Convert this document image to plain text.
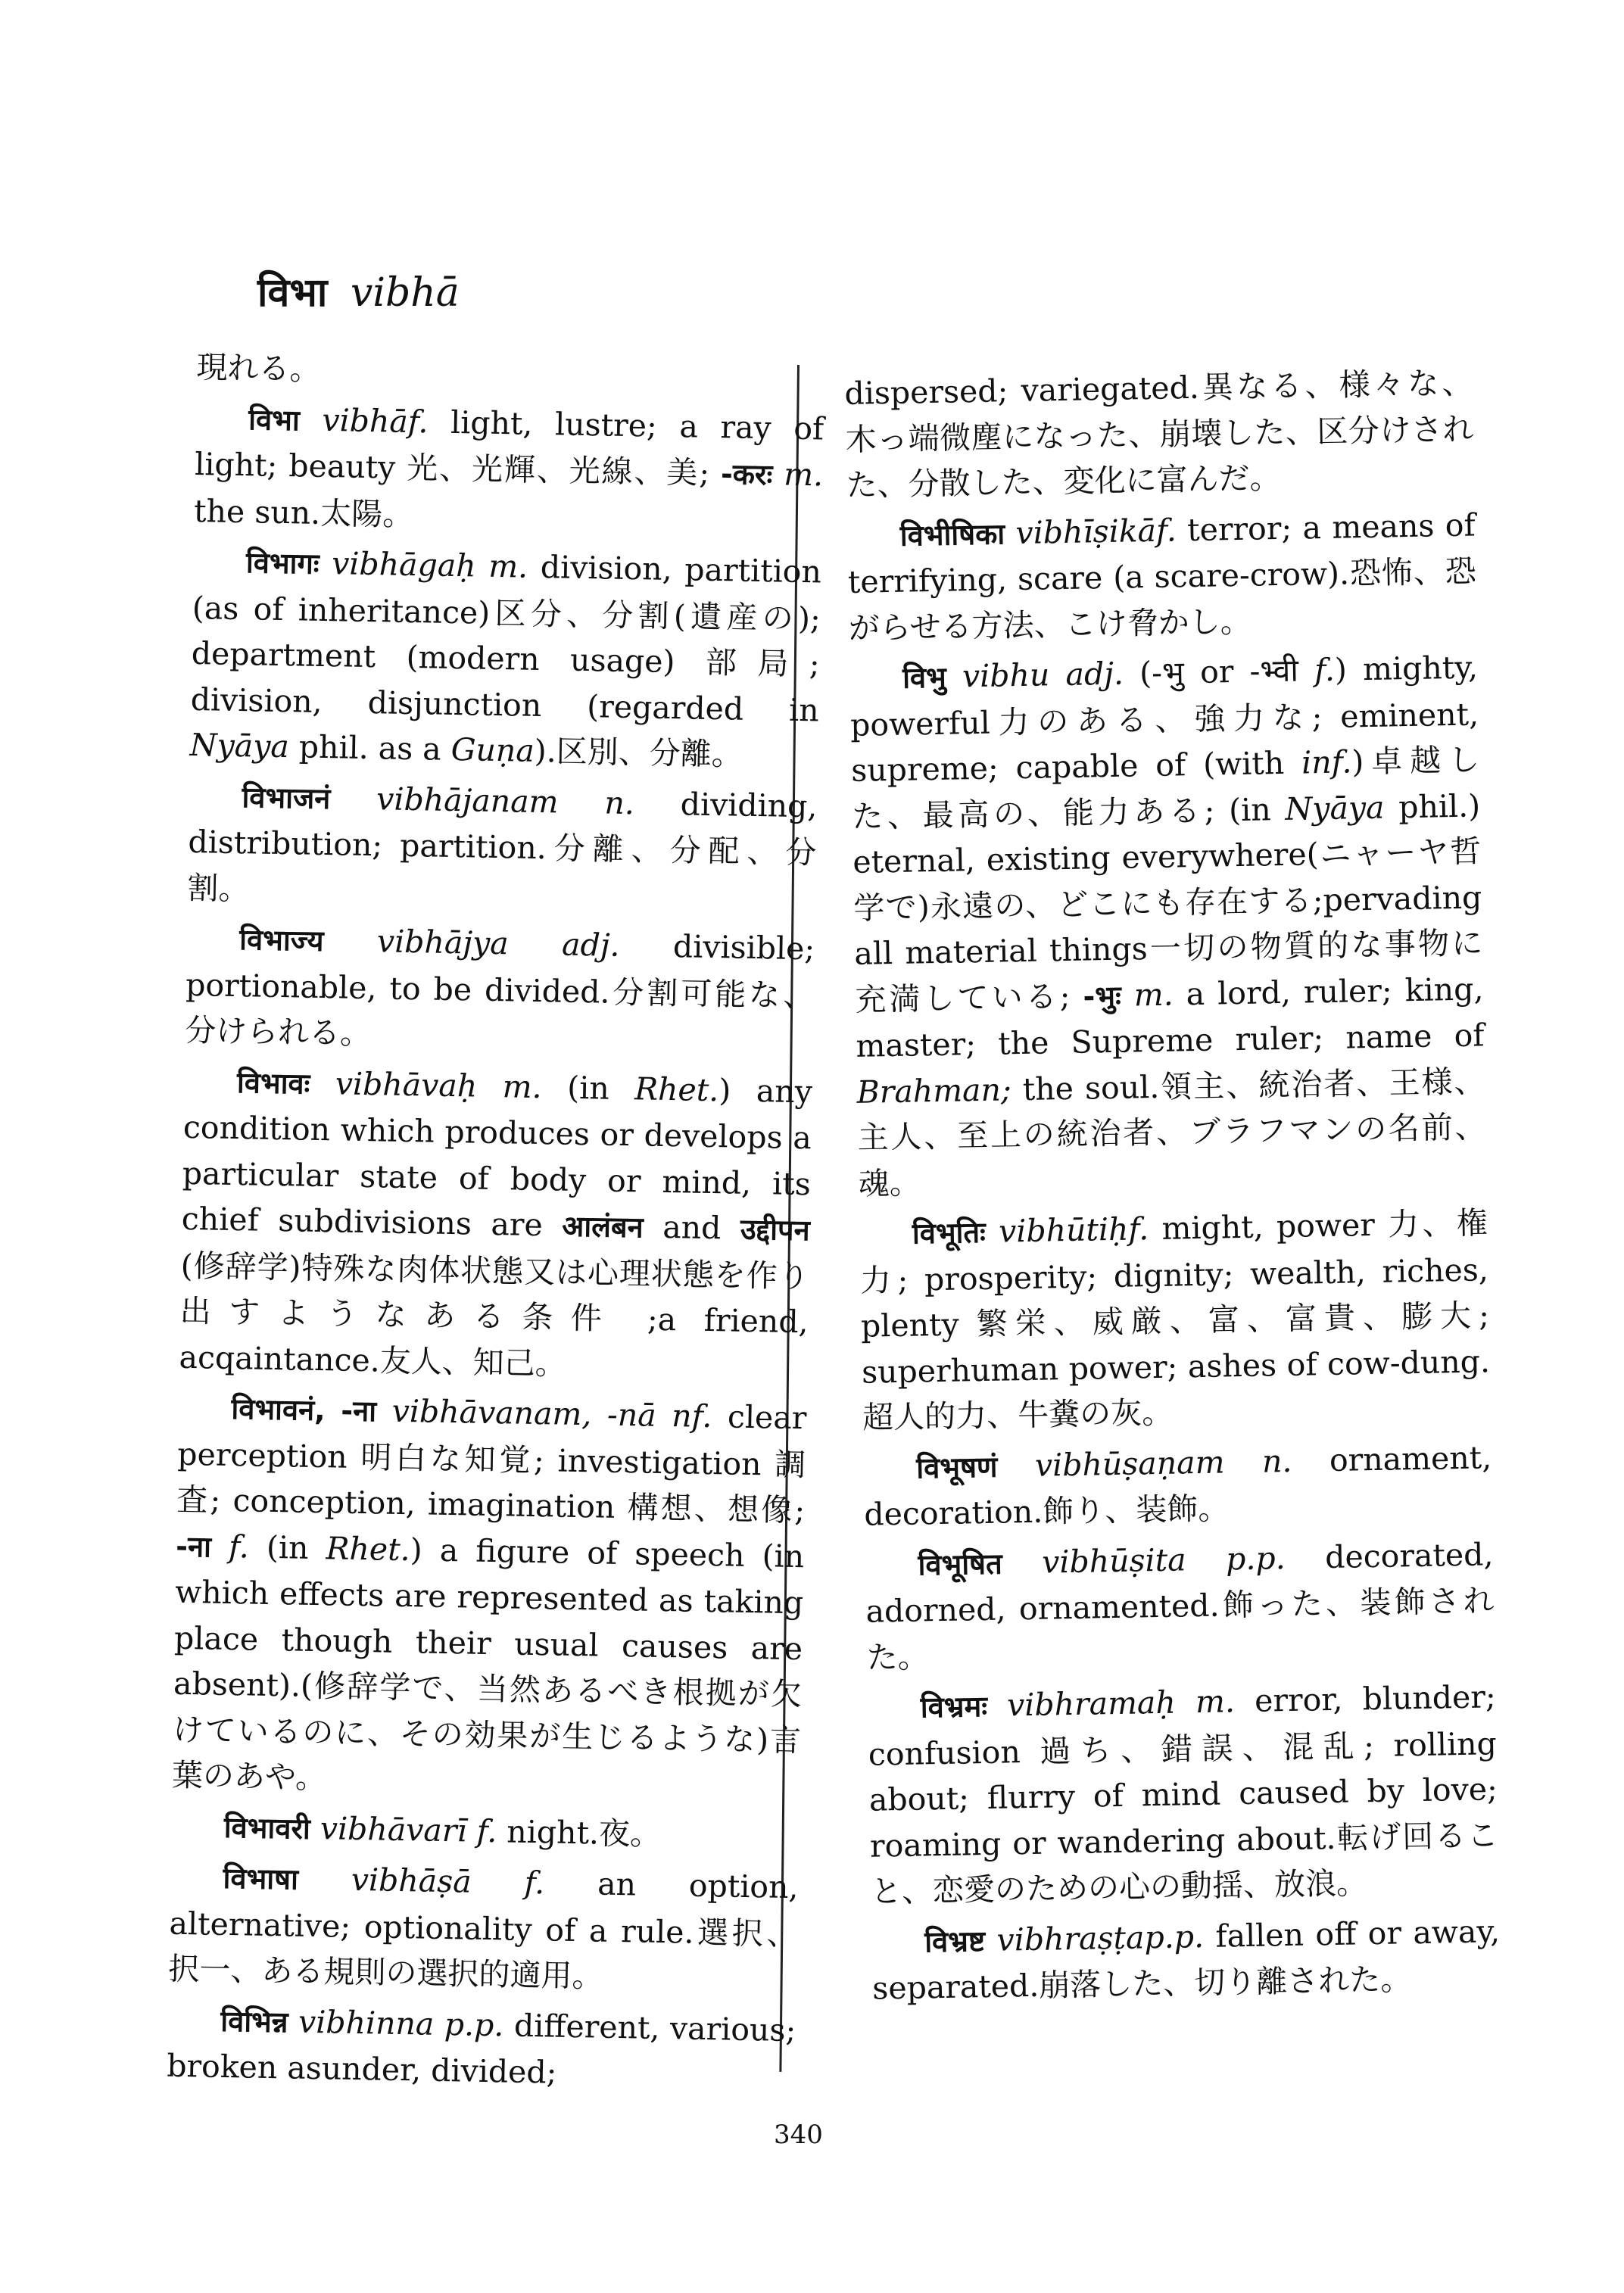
विभा vibhā

現れる。

विभा vibhāf. light, lustre; a ray of light; beauty 光、光輝、光線、美; -करः m. the sun.太陽。

विभागः vibhāgaḥ m. division, partition (as of inheritance)区分、分割(遺産の); department (modern usage) 部局; division, disjunction (regarded in Nyāya phil. as a Guṇa).区別、分離。

विभाजनं vibhājanam n. dividing, distribution; partition.分離、分配、分割。

विभाज्य vibhājya adj. divisible; portionable, to be divided.分割可能な、分けられる。

विभावः vibhāvaḥ m. (in Rhet.) any condition which produces or develops a particular state of body or mind, its chief subdivisions are आलंबन and उद्दीपन (修辞学)特殊な肉体状態又は心理状態を作り出すようなある条件 ;a friend, acqaintance.友人、知己。

विभावनं, -ना vibhāvanam, -nā nf. clear perception 明白な知覚; investigation 調査; conception, imagination 構想、想像; -ना f. (in Rhet.) a figure of speech (in which effects are represented as taking place though their usual causes are absent).(修辞学で、当然あるべき根拠が欠けているのに、その効果が生じるような)言葉のあや。

विभावरी vibhāvarī f. night.夜。

विभाषा vibhāṣā f. an option, alternative; optionality of a rule.選択、択一、ある規則の選択的適用。

विभिन्न vibhinna p.p. different, various; broken asunder, divided;

dispersed; variegated.異なる、様々な、木っ端微塵になった、崩壊した、区分けされた、分散した、変化に富んだ。

विभीषिका vibhīṣikāf. terror; a means of terrifying, scare (a scare-crow).恐怖、恐がらせる方法、こけ脅かし。

विभु vibhu adj. (-भु or -भ्वी f.) mighty, powerful力のある、強力な; eminent, supreme; capable of (with inf.)卓越した、最高の、能力ある; (in Nyāya phil.) eternal, existing everywhere(ニャーヤ哲学で)永遠の、どこにも存在する;pervading all material things一切の物質的な事物に充満している; -भुः m. a lord, ruler; king, master; the Supreme ruler; name of Brahman; the soul.領主、統治者、王様、主人、至上の統治者、ブラフマンの名前、魂。

विभूतिः vibhūtiḥf. might, power 力、権力; prosperity; dignity; wealth, riches, plenty 繁栄、威厳、富、富貴、膨大; superhuman power; ashes of cow-dung.超人的力、牛糞の灰。

विभूषणं vibhūṣaṇam n. ornament, decoration.飾り、装飾。

विभूषित vibhūṣita p.p. decorated, adorned, ornamented.飾った、装飾された。

विभ्रमः vibhramaḥ m. error, blunder; confusion 過ち、錯誤、混乱; rolling about; flurry of mind caused by love; roaming or wandering about.転げ回ること、恋愛のための心の動揺、放浪。

विभ्रष्ट vibhraṣṭap.p. fallen off or away, separated.崩落した、切り離された。

340
